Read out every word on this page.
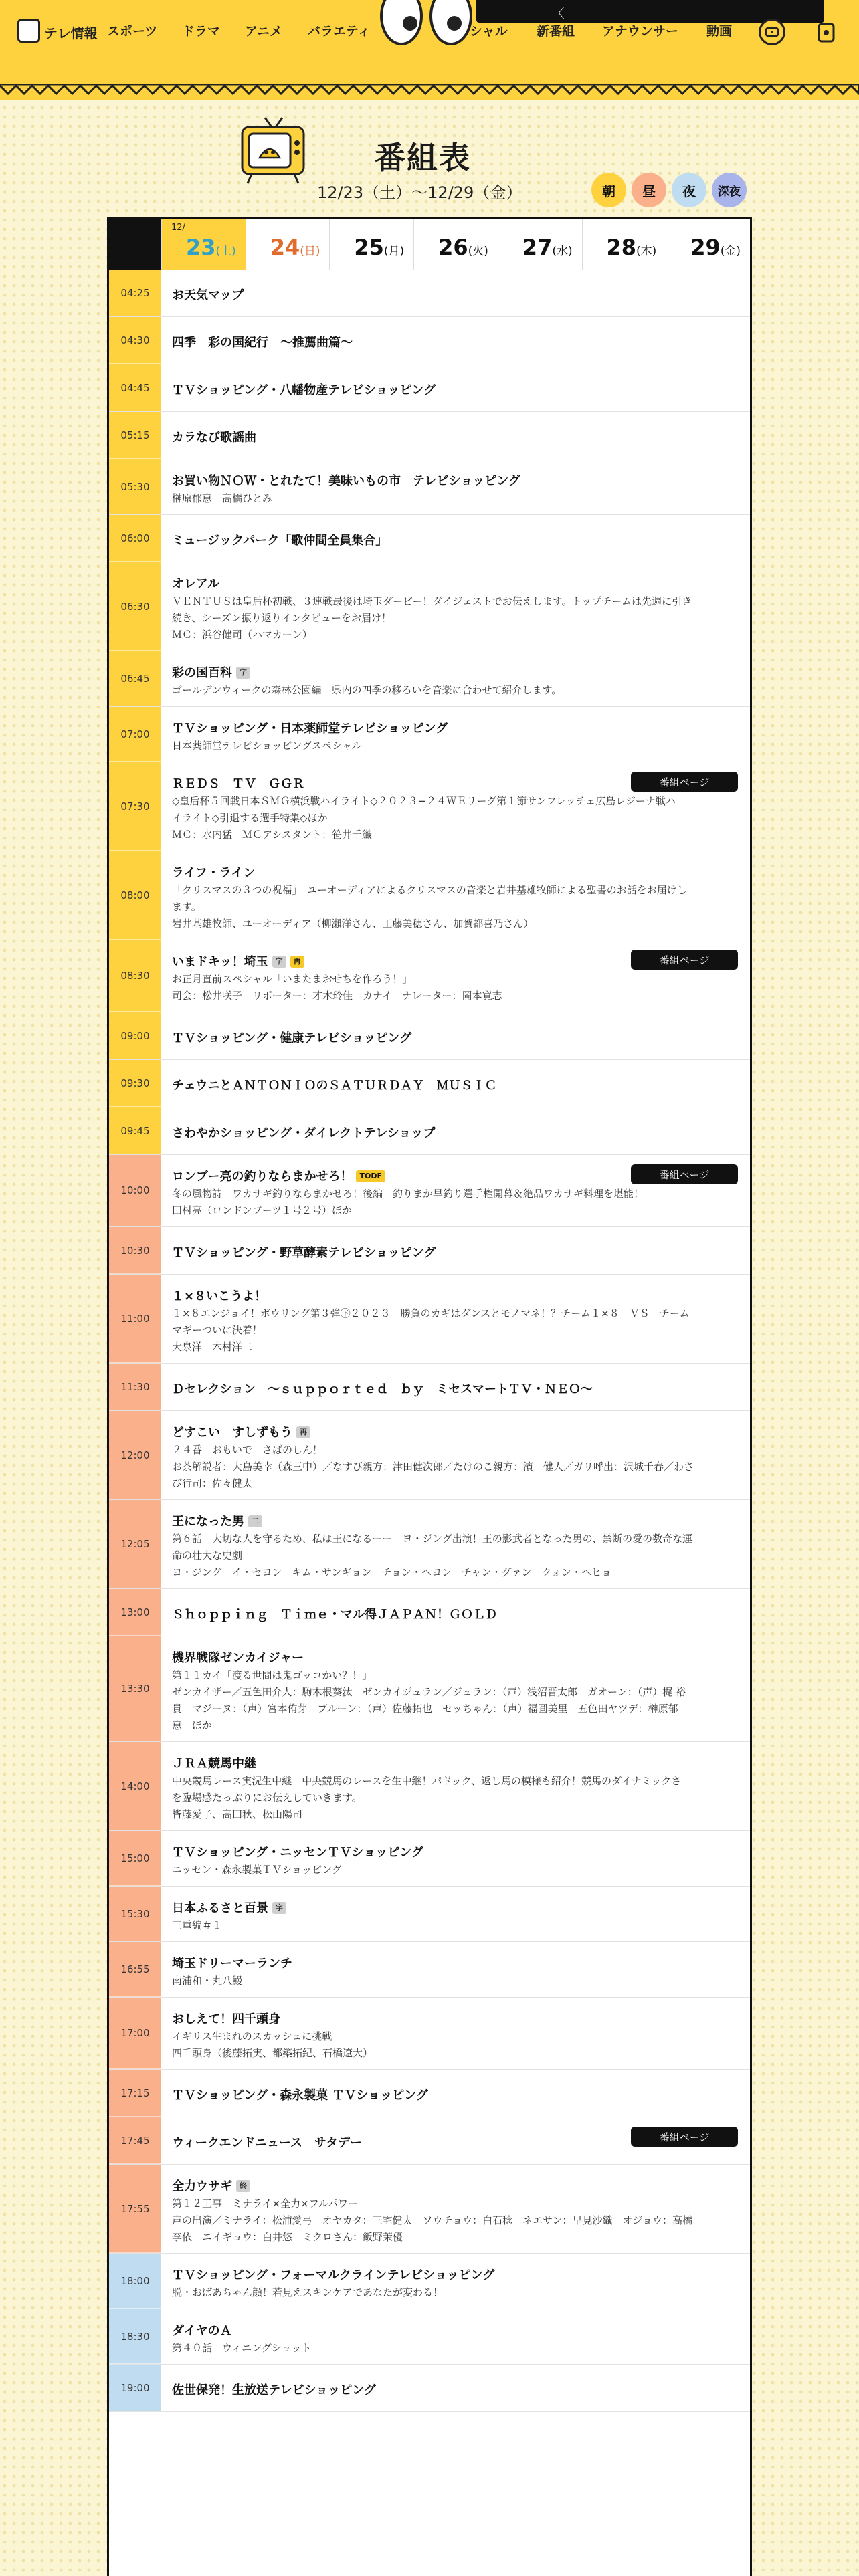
テレ情報 スポーツ ドラマ アニメ バラエティ	シャル 新番組 アナウンサー 動画
〈
番組表
12/23（土）〜12/29（金）	朝	昼	夜	深夜
12/
23(土) 24(日) 25(月) 26(火) 27(水) 28(木) 29(金)
04:25	お天気マップ
04:30	四季　彩の国紀行　〜推薦曲篇〜
04:45	ＴＶショッピング・八幡物産テレビショッピング
05:15	カラなび歌謡曲
05:30	お買い物ＮＯＷ・とれたて！美味いもの市　テレビショッピング
榊原郁恵　高橋ひとみ
06:00	ミュージックパーク「歌仲間全員集合」
06:30
オレアル
ＶＥＮＴＵＳは皇后杯初戦、３連戦最後は埼玉ダービー！ダイジェストでお伝えします。トップチームは先週に引き
続き、シーズン振り返りインタビューをお届け！
ＭＣ：浜谷健司（ハマカーン）
06:45	彩の国百科 字
ゴールデンウィークの森林公園編　県内の四季の移ろいを音楽に合わせて紹介します。
07:00	ＴＶショッピング・日本薬師堂テレビショッピング
日本薬師堂テレビショッピングスペシャル
07:30
ＲＥＤＳ　ＴＶ　ＧＧＲ
◇皇后杯５回戦日本ＳＭＧ横浜戦ハイライト◇２０２３−２４ＷＥリーグ第１節サンフレッチェ広島レジーナ戦ハ
イライト◇引退する選手特集◇ほか
ＭＣ：水内猛　ＭＣアシスタント：笹井千織
番組ページ
08:00
ライフ・ライン
「クリスマスの３つの祝福」　ユーオーディアによるクリスマスの音楽と岩井基雄牧師による聖書のお話をお届けし
ます。
岩井基雄牧師、ユーオーディア（柳瀬洋さん、工藤美穂さん、加賀都喜乃さん）
08:30
いまドキッ！埼玉 字 再
お正月直前スペシャル「いまたまおせちを作ろう！」
司会：松井咲子　リポーター：才木玲佳　カナイ　ナレーター：岡本寛志
番組ページ
09:00	ＴＶショッピング・健康テレビショッピング
09:30	チェウニとＡＮＴＯＮＩＯのＳＡＴＵＲＤＡＹ　ＭＵＳＩＣ
09:45	さわやかショッピング・ダイレクトテレショップ
10:00
ロンブー亮の釣りならまかせろ！ TODF
冬の風物詩　ワカサギ釣りならまかせろ！後編　釣りまか早釣り選手権開幕＆絶品ワカサギ料理を堪能！
田村亮（ロンドンブーツ１号２号）ほか
番組ページ
10:30	ＴＶショッピング・野草酵素テレビショッピング
11:00
１×８いこうよ！
１×８エンジョイ！ボウリング第３弾㊦２０２３　勝負のカギはダンスとモノマネ！？チーム１×８　ＶＳ　チーム
マギーついに決着！
大泉洋　木村洋二
11:30	Ｄセレクション　〜ｓｕｐｐｏｒｔｅｄ　ｂｙ　ミセスマートＴＶ・ＮＥＯ〜
12:00
どすこい　すしずもう 再
２４番　おもいで　さばのしん！
お茶解説者：大島美幸（森三中）／なすび親方：津田健次郎／たけのこ親方：濱　健人／ガリ呼出：沢城千春／わさ
び行司：佐々健太
12:05
王になった男 二
第６話　大切な人を守るため、私は王になるーー　ヨ・ジング出演！王の影武者となった男の、禁断の愛の数奇な運
命の壮大な史劇
ヨ・ジング　イ・セヨン　キム・サンギョン　チョン・ヘヨン　チャン・グァン　クォン・ヘヒョ
13:00	Ｓｈｏｐｐｉｎｇ　Ｔｉｍｅ・マル得ＪＡＰＡＮ！ＧＯＬＤ
13:30
機界戦隊ゼンカイジャー
第１１カイ「渡る世間は鬼ゴッコかい？！」
ゼンカイザー／五色田介人：駒木根葵汰　ゼンカイジュラン／ジュラン：（声）浅沼晋太郎　ガオーン：（声）梶 裕
貴　マジーヌ：（声）宮本侑芽　ブルーン：（声）佐藤拓也　セッちゃん：（声）福圓美里　五色田ヤツデ：榊原郁
恵　ほか
14:00
ＪＲＡ競馬中継
中央競馬レース実況生中継　中央競馬のレースを生中継！パドック、返し馬の模様も紹介！競馬のダイナミックさ
を臨場感たっぷりにお伝えしていきます。
皆藤愛子、高田秋、松山陽司
15:00	ＴＶショッピング・ニッセンＴＶショッピング
ニッセン・森永製菓ＴＶショッピング
15:30	日本ふるさと百景 字
三重編＃１
16:55	埼玉ドリーマーランチ
南浦和・丸八鰻
17:00
おしえて！四千頭身
イギリス生まれのスカッシュに挑戦
四千頭身（後藤拓実、都築拓紀、石橋遼大）
17:15	ＴＶショッピング・森永製菓 ＴＶショッピング
17:45	ウィークエンドニュース　サタデー	番組ページ
17:55
全力ウサギ 終
第１２工事　ミナライ×全力×フルパワー
声の出演／ミナライ：松浦愛弓　オヤカタ：三宅健太　ソウチョウ：白石稔　ネエサン：早見沙織　オジョウ：高橋
李依　エイギョウ：白井悠　ミクロさん：飯野茉優
18:00	ＴＶショッピング・フォーマルクラインテレビショッピング
脱・おばあちゃん顔！若見えスキンケアであなたが変わる！
18:30	ダイヤのＡ
第４０話　ウィニングショット
19:00	佐世保発！生放送テレビショッピング
